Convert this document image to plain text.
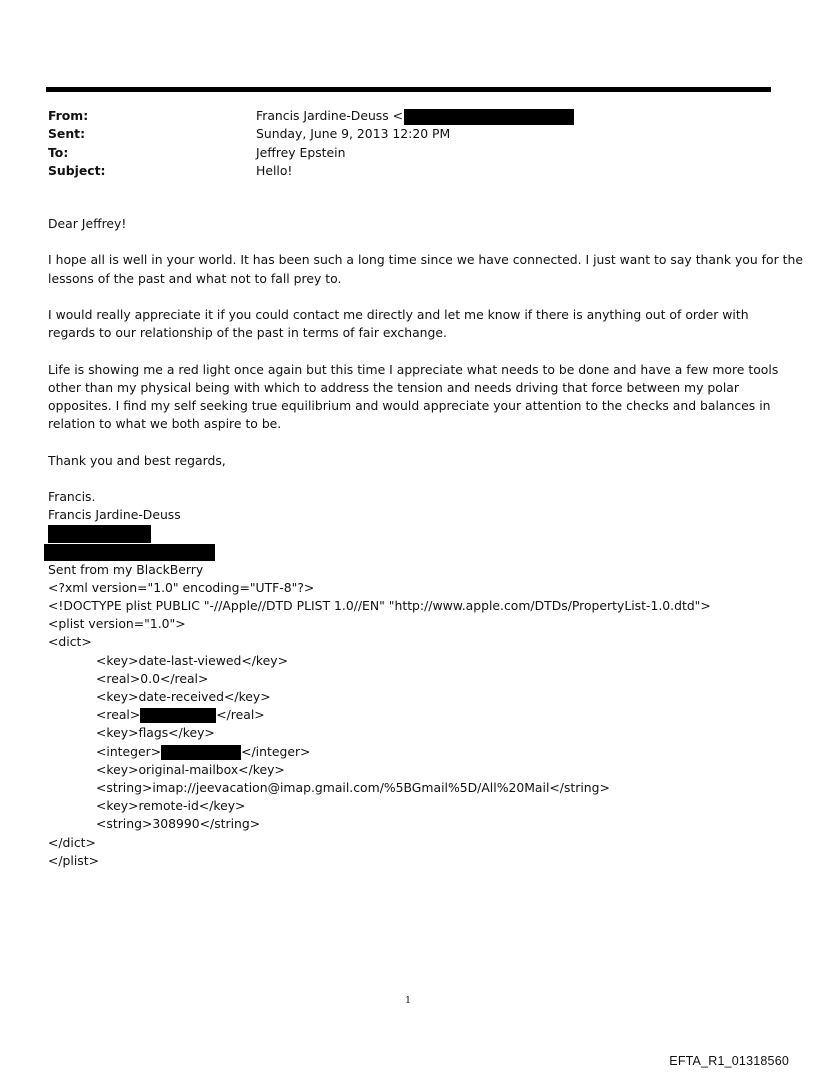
From:	Francis Jardine-Deuss <
Sent:	Sunday, June 9, 2013 12:20 PM
To:	Jeffrey Epstein
Subject:	Hello!

Dear Jeffrey!

I hope all is well in your world. It has been such a long time since we have connected. I just want to say thank you for the
lessons of the past and what not to fall prey to.

I would really appreciate it if you could contact me directly and let me know if there is anything out of order with
regards to our relationship of the past in terms of fair exchange.

Life is showing me a red light once again but this time I appreciate what needs to be done and have a few more tools
other than my physical being with which to address the tension and needs driving that force between my polar
opposites. I find my self seeking true equilibrium and would appreciate your attention to the checks and balances in
relation to what we both aspire to be.

Thank you and best regards,

Francis.
Francis Jardine-Deuss
Sent from my BlackBerry
<?xml version="1.0" encoding="UTF-8"?>
<!DOCTYPE plist PUBLIC "-//Apple//DTD PLIST 1.0//EN" "http://www.apple.com/DTDs/PropertyList-1.0.dtd">
<plist version="1.0">
<dict>
<key>date-last-viewed</key>
<real>0.0</real>
<key>date-received</key>
<real>	</real>
<key>flags</key>
<integer>	</integer>
<key>original-mailbox</key>
<string>imap://jeevacation@imap.gmail.com/%5BGmail%5D/All%20Mail</string>
<key>remote-id</key>
<string>308990</string>
</dict>
</plist>
1
EFTA_R1_01318560
